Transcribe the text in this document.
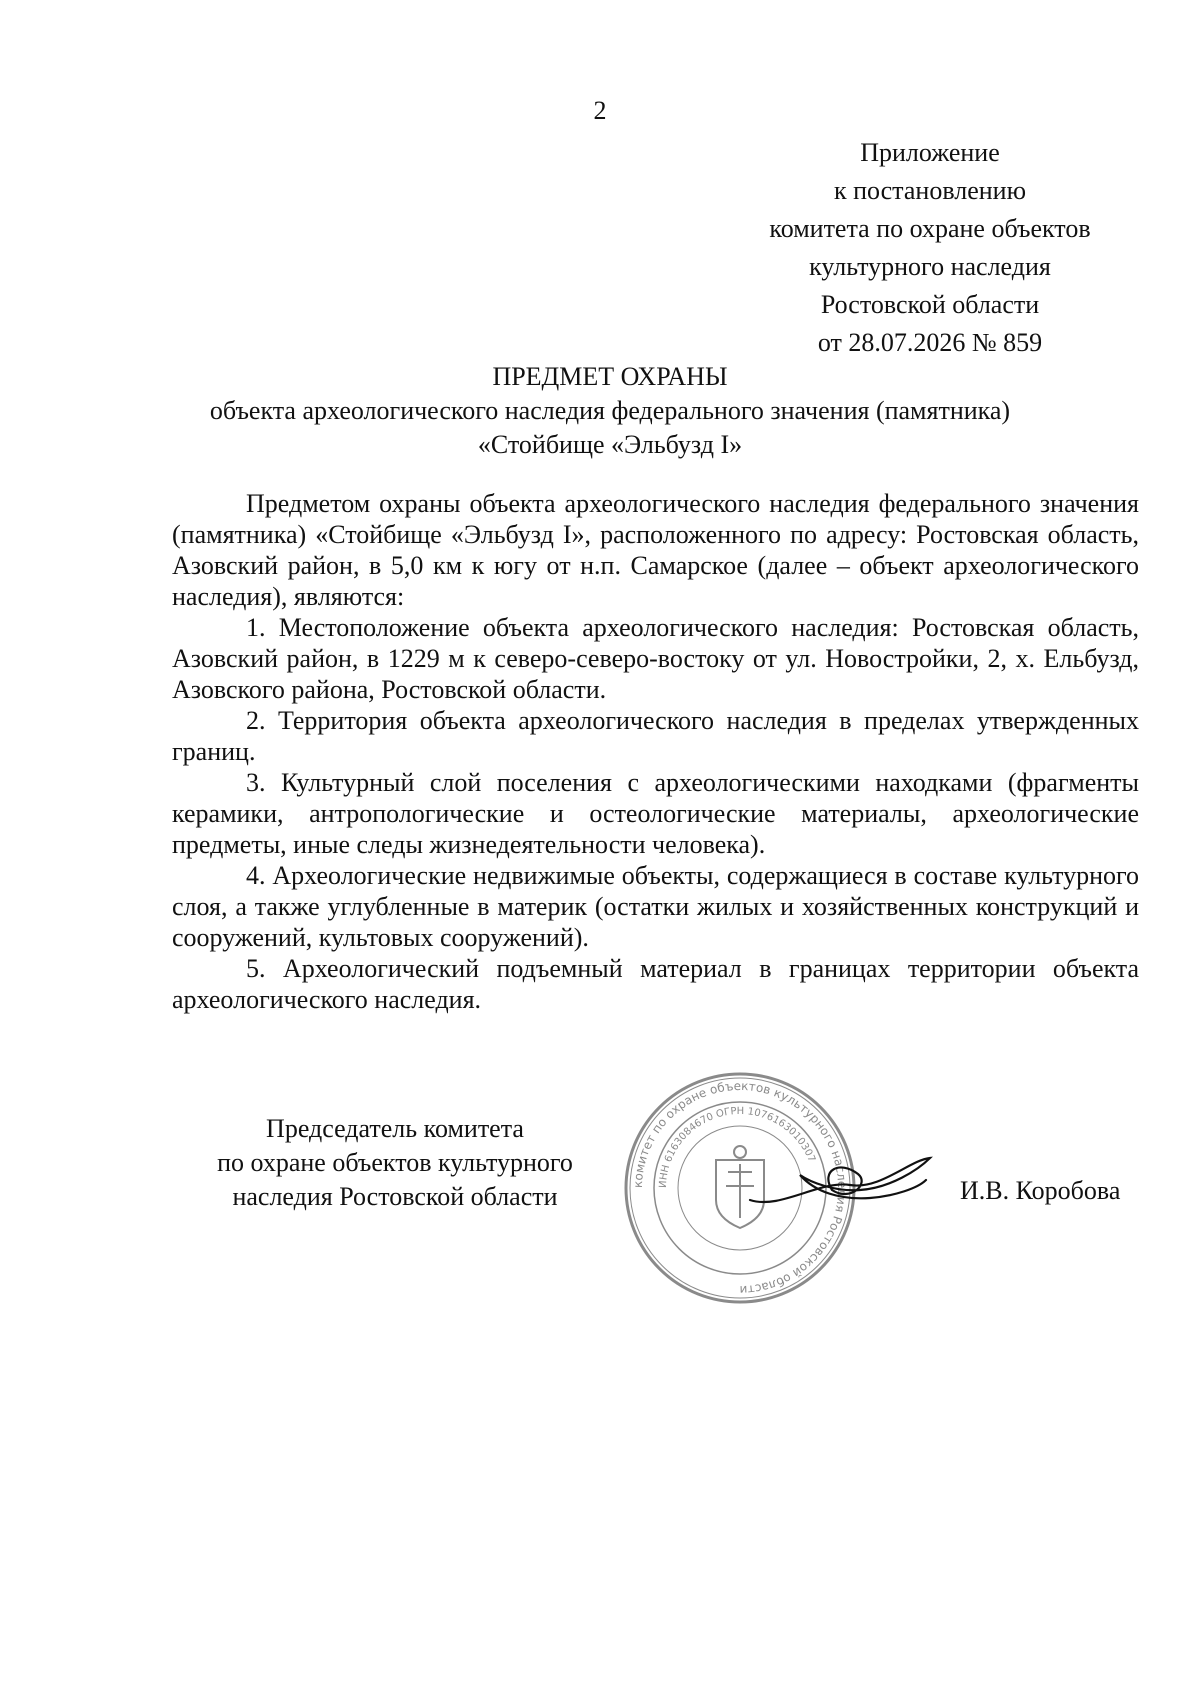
2
Приложение
к постановлению
комитета по охране объектов
культурного наследия
Ростовской области
от 28.07.2026 № 859
ПРЕДМЕТ ОХРАНЫ
объекта археологического наследия федерального значения (памятника)
«Стойбище «Эльбузд I»

Предметом охраны объекта археологического наследия федерального значения (памятника) «Стойбище «Эльбузд I», расположенного по адресу: Ростовская область, Азовский район, в 5,0 км к югу от н.п. Самарское (далее – объект археологического наследия), являются:

1. Местоположение объекта археологического наследия: Ростовская область, Азовский район, в 1229 м к северо-северо-востоку от ул. Новостройки, 2, х. Ельбузд, Азовского района, Ростовской области.

2. Территория объекта археологического наследия в пределах утвержденных границ.

3. Культурный слой поселения с археологическими находками (фрагменты керамики, антропологические и остеологические материалы, археологические предметы, иные следы жизнедеятельности человека).

4. Археологические недвижимые объекты, содержащиеся в составе культурного слоя, а также углубленные в материк (остатки жилых и хозяйственных конструкций и сооружений, культовых сооружений).

5. Археологический подъемный материал в границах территории объекта археологического наследия.

Председатель комитета
по охране объектов культурного
наследия Ростовской области	комитет по охране объектов культурного наследия Ростовской области
ИНН 6163084670 ОГРН 1076163010307
И.В. Коробова
